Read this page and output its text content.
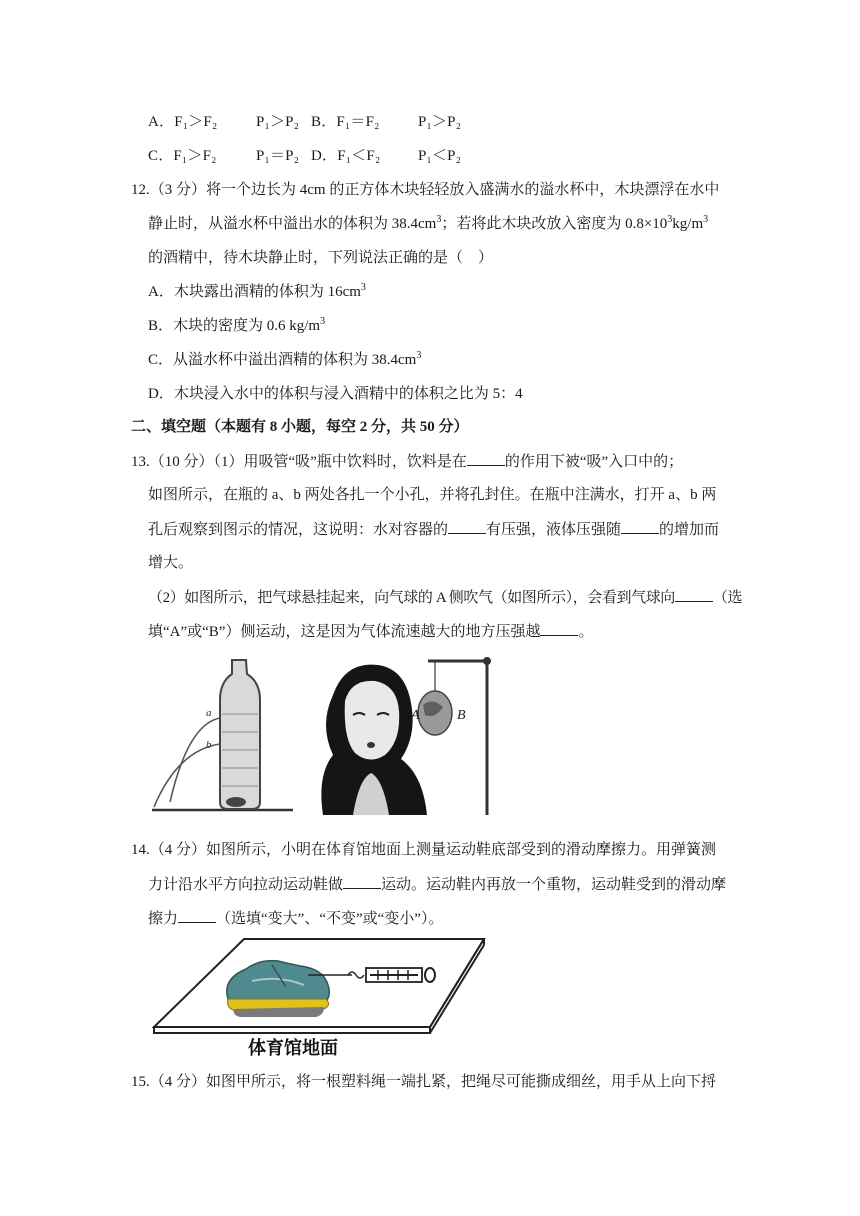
A．F₁＞F₂	P₁＞P₂ B．F₁＝F₂	P₁＞P₂
C．F₁＞F₂	P₁＝P₂ D．F₁＜F₂	P₁＜P₂
12.（3 分）将一个边长为 4cm 的正方体木块轻轻放入盛满水的溢水杯中，木块漂浮在水中
静止时，从溢水杯中溢出水的体积为 $38.4cm^3$；若将此木块改放入密度为 $0.8\times 10^3kg/m^3$
的酒精中，待木块静止时，下列说法正确的是（　）
A．木块露出酒精的体积为 $16cm^3$
B．木块的密度为 0.6 $kg/m^3$
C．从溢水杯中溢出酒精的体积为 $38.4cm^3$
D．木块浸入水中的体积与浸入酒精中的体积之比为 5：4
二、填空题（本题有 8 小题，每空 2 分，共 50 分）
13.（10 分）（1）用吸管“吸”瓶中饮料时，饮料是在	的作用下被“吸”入口中的；
如图所示，在瓶的 a、b 两处各扎一个小孔，并将孔封住。在瓶中注满水，打开 a、b 两
孔后观察到图示的情况，这说明：水对容器的	有压强，液体压强随	的增加而
增大。
（2）如图所示，把气球悬挂起来，向气球的 A 侧吹气（如图所示），会看到气球向	（选
填“A”或“B”）侧运动，这是因为气体流速越大的地方压强越	。
a
b
A	B
14.（4 分）如图所示，小明在体育馆地面上测量运动鞋底部受到的滑动摩擦力。用弹簧测
力计沿水平方向拉动运动鞋做	运动。运动鞋内再放一个重物，运动鞋受到的滑动摩
擦力	（选填“变大”、“不变”或“变小”）。
体育馆地面
15.（4 分）如图甲所示，将一根塑料绳一端扎紧，把绳尽可能撕成细丝，用手从上向下捋
